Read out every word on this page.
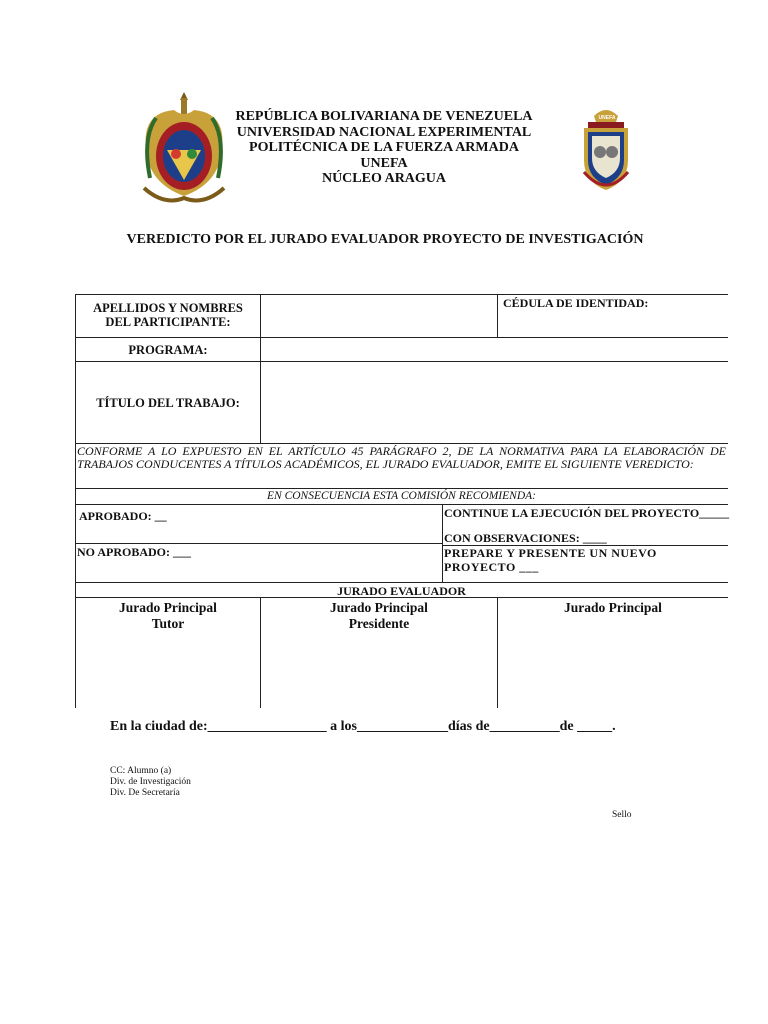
UNEFA
REPÚBLICA BOLIVARIANA DE VENEZUELA
UNIVERSIDAD NACIONAL EXPERIMENTAL
POLITÉCNICA DE LA FUERZA ARMADA
UNEFA
NÚCLEO ARAGUA
VEREDICTO POR EL JURADO EVALUADOR PROYECTO DE INVESTIGACIÓN
APELLIDOS Y NOMBRES DEL PARTICIPANTE:
CÉDULA DE IDENTIDAD:
PROGRAMA:
TÍTULO DEL TRABAJO:
CONFORME A LO EXPUESTO EN EL ARTÍCULO 45 PARÁGRAFO 2, DE LA NORMATIVA PARA LA ELABORACIÓN DE TRABAJOS CONDUCENTES A TÍTULOS ACADÉMICOS, EL JURADO EVALUADOR, EMITE EL SIGUIENTE VEREDICTO:
EN CONSECUENCIA ESTA COMISIÓN RECOMIENDA:
APROBADO: __	CONTINUE LA EJECUCIÓN DEL PROYECTO_____
CON OBSERVACIONES: ____
NO APROBADO: ___	PREPARE Y PRESENTE UN NUEVO
PROYECTO ___
JURADO EVALUADOR
Jurado Principal
Tutor
Jurado Principal
Presidente
Jurado Principal
En la ciudad de:_________________ a los_____________días de__________de _____.
CC: Alumno (a)
Div. de Investigación
Div. De Secretaría
Sello
